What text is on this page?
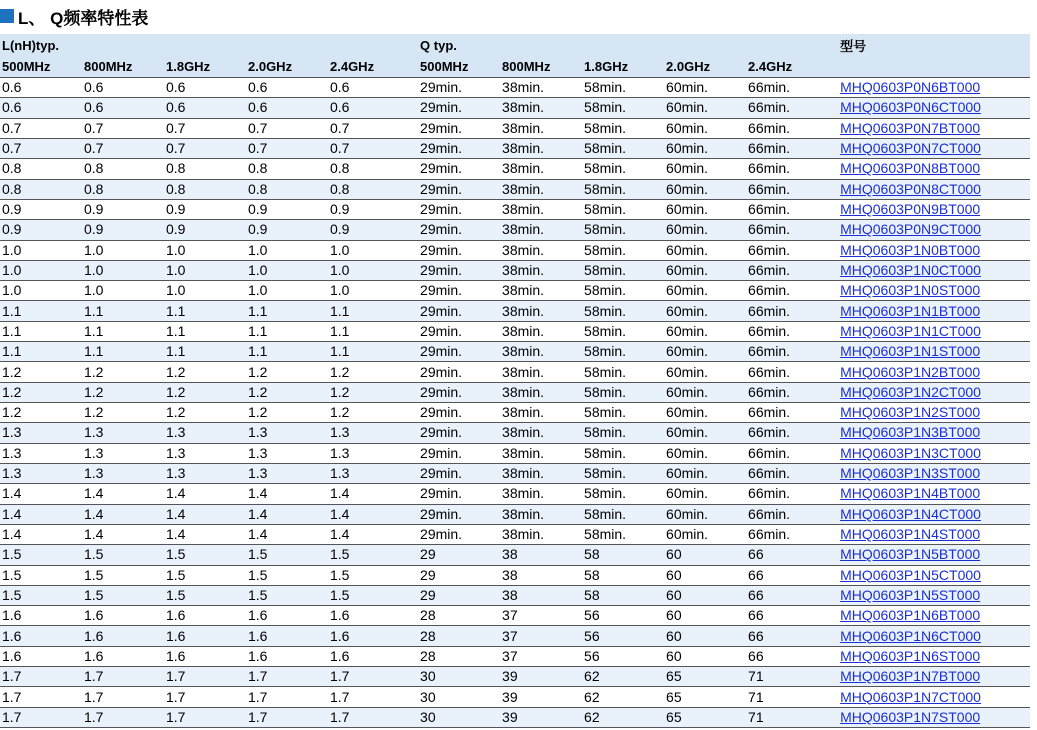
L、 Q频率特性表
L(nH)typ.					Q typ.					型号
500MHz	800MHz	1.8GHz	2.0GHz	2.4GHz	500MHz	800MHz	1.8GHz	2.0GHz	2.4GHz	
0.6	0.6	0.6	0.6	0.6	29min.	38min.	58min.	60min.	66min.	MHQ0603P0N6BT000
0.6	0.6	0.6	0.6	0.6	29min.	38min.	58min.	60min.	66min.	MHQ0603P0N6CT000
0.7	0.7	0.7	0.7	0.7	29min.	38min.	58min.	60min.	66min.	MHQ0603P0N7BT000
0.7	0.7	0.7	0.7	0.7	29min.	38min.	58min.	60min.	66min.	MHQ0603P0N7CT000
0.8	0.8	0.8	0.8	0.8	29min.	38min.	58min.	60min.	66min.	MHQ0603P0N8BT000
0.8	0.8	0.8	0.8	0.8	29min.	38min.	58min.	60min.	66min.	MHQ0603P0N8CT000
0.9	0.9	0.9	0.9	0.9	29min.	38min.	58min.	60min.	66min.	MHQ0603P0N9BT000
0.9	0.9	0.9	0.9	0.9	29min.	38min.	58min.	60min.	66min.	MHQ0603P0N9CT000
1.0	1.0	1.0	1.0	1.0	29min.	38min.	58min.	60min.	66min.	MHQ0603P1N0BT000
1.0	1.0	1.0	1.0	1.0	29min.	38min.	58min.	60min.	66min.	MHQ0603P1N0CT000
1.0	1.0	1.0	1.0	1.0	29min.	38min.	58min.	60min.	66min.	MHQ0603P1N0ST000
1.1	1.1	1.1	1.1	1.1	29min.	38min.	58min.	60min.	66min.	MHQ0603P1N1BT000
1.1	1.1	1.1	1.1	1.1	29min.	38min.	58min.	60min.	66min.	MHQ0603P1N1CT000
1.1	1.1	1.1	1.1	1.1	29min.	38min.	58min.	60min.	66min.	MHQ0603P1N1ST000
1.2	1.2	1.2	1.2	1.2	29min.	38min.	58min.	60min.	66min.	MHQ0603P1N2BT000
1.2	1.2	1.2	1.2	1.2	29min.	38min.	58min.	60min.	66min.	MHQ0603P1N2CT000
1.2	1.2	1.2	1.2	1.2	29min.	38min.	58min.	60min.	66min.	MHQ0603P1N2ST000
1.3	1.3	1.3	1.3	1.3	29min.	38min.	58min.	60min.	66min.	MHQ0603P1N3BT000
1.3	1.3	1.3	1.3	1.3	29min.	38min.	58min.	60min.	66min.	MHQ0603P1N3CT000
1.3	1.3	1.3	1.3	1.3	29min.	38min.	58min.	60min.	66min.	MHQ0603P1N3ST000
1.4	1.4	1.4	1.4	1.4	29min.	38min.	58min.	60min.	66min.	MHQ0603P1N4BT000
1.4	1.4	1.4	1.4	1.4	29min.	38min.	58min.	60min.	66min.	MHQ0603P1N4CT000
1.4	1.4	1.4	1.4	1.4	29min.	38min.	58min.	60min.	66min.	MHQ0603P1N4ST000
1.5	1.5	1.5	1.5	1.5	29	38	58	60	66	MHQ0603P1N5BT000
1.5	1.5	1.5	1.5	1.5	29	38	58	60	66	MHQ0603P1N5CT000
1.5	1.5	1.5	1.5	1.5	29	38	58	60	66	MHQ0603P1N5ST000
1.6	1.6	1.6	1.6	1.6	28	37	56	60	66	MHQ0603P1N6BT000
1.6	1.6	1.6	1.6	1.6	28	37	56	60	66	MHQ0603P1N6CT000
1.6	1.6	1.6	1.6	1.6	28	37	56	60	66	MHQ0603P1N6ST000
1.7	1.7	1.7	1.7	1.7	30	39	62	65	71	MHQ0603P1N7BT000
1.7	1.7	1.7	1.7	1.7	30	39	62	65	71	MHQ0603P1N7CT000
1.7	1.7	1.7	1.7	1.7	30	39	62	65	71	MHQ0603P1N7ST000
